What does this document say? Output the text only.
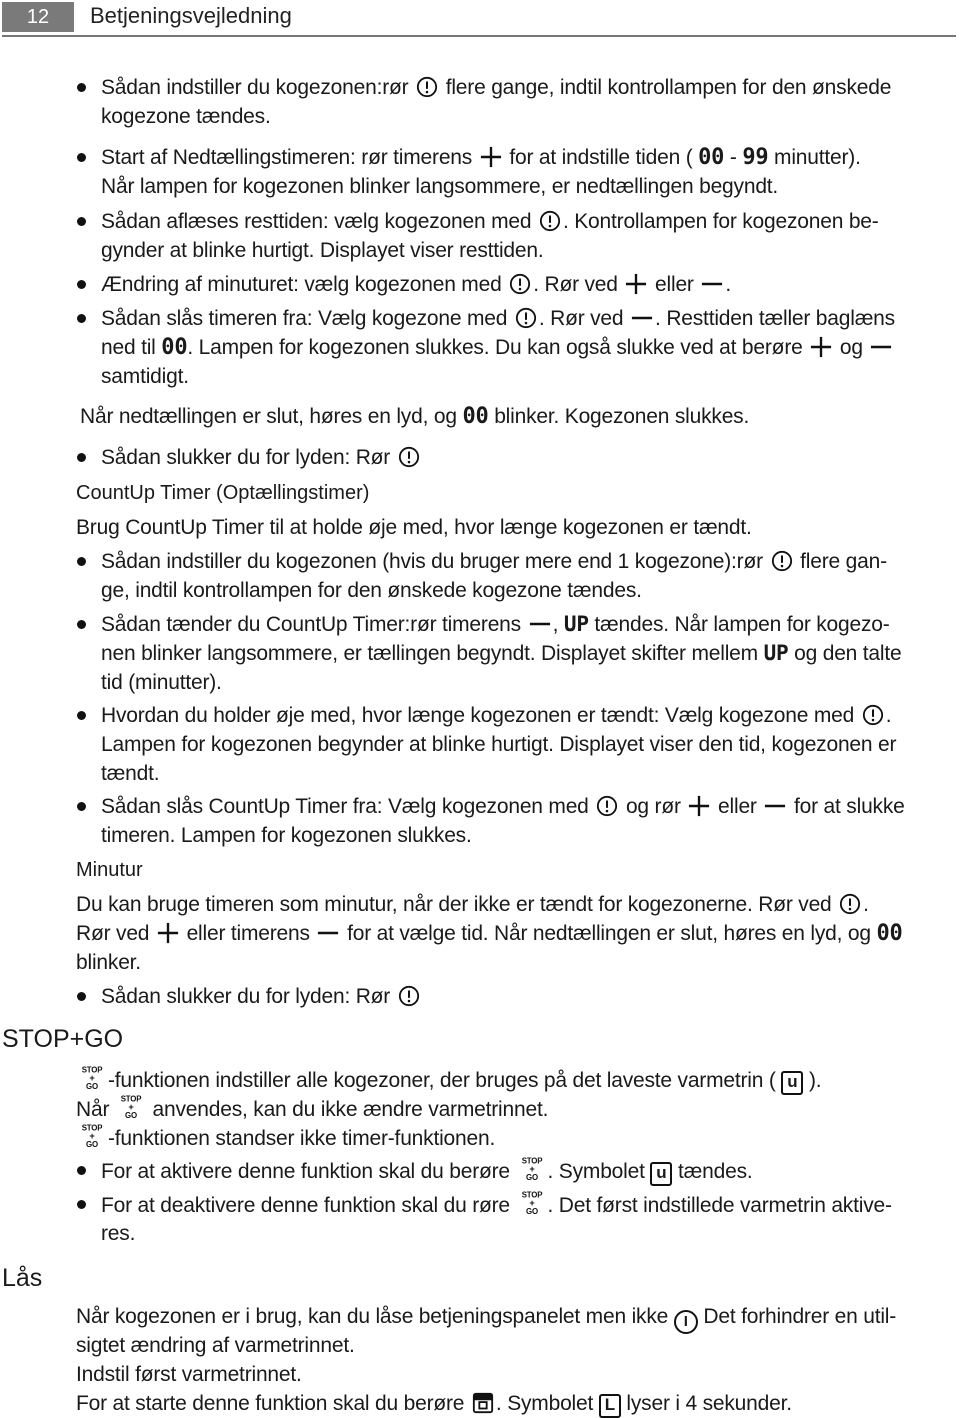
12	Betjeningsvejledning
Sådan indstiller du kogezonen:rør flere gange, indtil kontrollampen for den ønskede
kogezone tændes.
Start af Nedtællingstimeren: rør timerens for at indstille tiden ( 00 - 99 minutter).
Når lampen for kogezonen blinker langsommere, er nedtællingen begyndt.
Sådan aflæses resttiden: vælg kogezonen med . Kontrollampen for kogezonen be-
gynder at blinke hurtigt. Displayet viser resttiden.
Ændring af minuturet: vælg kogezonen med . Rør ved eller .
Sådan slås timeren fra: Vælg kogezone med . Rør ved . Resttiden tæller baglæns
ned til 00. Lampen for kogezonen slukkes. Du kan også slukke ved at berøre og
samtidigt.
Når nedtællingen er slut, høres en lyd, og 00 blinker. Kogezonen slukkes.
Sådan slukker du for lyden: Rør
CountUp Timer (Optællingstimer)
Brug CountUp Timer til at holde øje med, hvor længe kogezonen er tændt.
Sådan indstiller du kogezonen (hvis du bruger mere end 1 kogezone):rør flere gan-
ge, indtil kontrollampen for den ønskede kogezone tændes.
Sådan tænder du CountUp Timer:rør timerens , UP tændes. Når lampen for kogezo-
nen blinker langsommere, er tællingen begyndt. Displayet skifter mellem UP og den talte
tid (minutter).
Hvordan du holder øje med, hvor længe kogezonen er tændt: Vælg kogezone med .
Lampen for kogezonen begynder at blinke hurtigt. Displayet viser den tid, kogezonen er
tændt.
Sådan slås CountUp Timer fra: Vælg kogezonen med og rør eller for at slukke
timeren. Lampen for kogezonen slukkes.
Minutur
Du kan bruge timeren som minutur, når der ikke er tændt for kogezonerne. Rør ved .
Rør ved eller timerens for at vælge tid. Når nedtællingen er slut, høres en lyd, og 00
blinker.
Sådan slukker du for lyden: Rør
STOP+GO
-funktionen indstiller alle kogezoner, der bruges på det laveste varmetrin ( u ).
Når anvendes, kan du ikke ændre varmetrinnet.
-funktionen standser ikke timer-funktionen.
For at aktivere denne funktion skal du berøre . Symbolet u tændes.
For at deaktivere denne funktion skal du røre . Det først indstillede varmetrin aktive-
res.
Lås
Når kogezonen er i brug, kan du låse betjeningspanelet men ikke I Det forhindrer en util-
sigtet ændring af varmetrinnet.
Indstil først varmetrinnet.
For at starte denne funktion skal du berøre . Symbolet L lyser i 4 sekunder.
